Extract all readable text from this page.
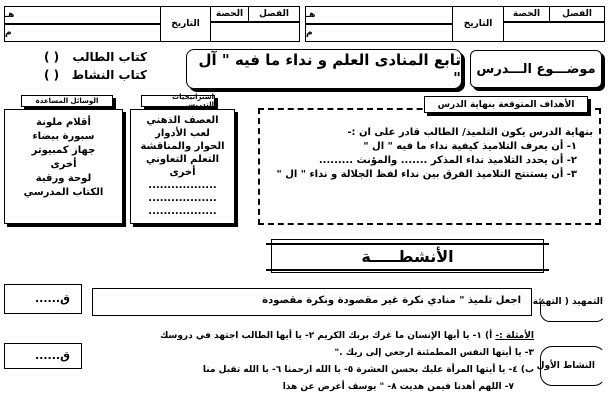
الفصل
الحصة
التاريخ
هـ
م
الفصل
الحصة
التاريخ
هـ
م
موضـــوع الـــدرس
تابع المنادى العلم و نداء ما فيه " آل "
كتاب الطالب
( )
كتاب النشاط
( )
الوسائل المساعدة
أقلام ملونة
سبورة بيضاء
جهاز كمبيوتر
أخرى
لوحة ورقية
الكتاب المدرسي
استراتيجيات التدريس
العصف الذهني
لعب الأدوار
الحوار والمناقشة
التعلم التعاوني
أخرى
..................
..................
..................
الأهداف المتوقعة بنهاية الدرس
بنهاية الدرس يكون التلميذ/ الطالب قادر على ان :-
١- أن يعرف التلاميذ كيفية نداء ما فيه " ال "
٢- أن يحدد التلاميذ نداء المذكر ....... والمؤنث .........
٣- أن يستنتج التلاميذ الفرق بين نداء لفظ الجلالة و نداء " ال "
الأنشطـــــة
ق......	اجعل تلميذ " منادي نكرة غير مقصودة ونكرة مقصودة التمهيد ( التهيئة
ق......
الأمثلة :- أ) ١- يا أيها الإنسان ما غرك بربك الكريم ٢- يا أيها الطالب اجتهد في دروسك
٣- يا أيتها النفس المطمئنة ارجعي إلى ربك ."
ب) ٤- يا أيتها المرأة عليك بحسن العشرة ٥- يا الله ارحمنا ٦- يا الله تقبل منا
٧- اللهم أهدنا فيمن هديت ٨- " يوسف أعرض عن هذا
النشاط الأول
